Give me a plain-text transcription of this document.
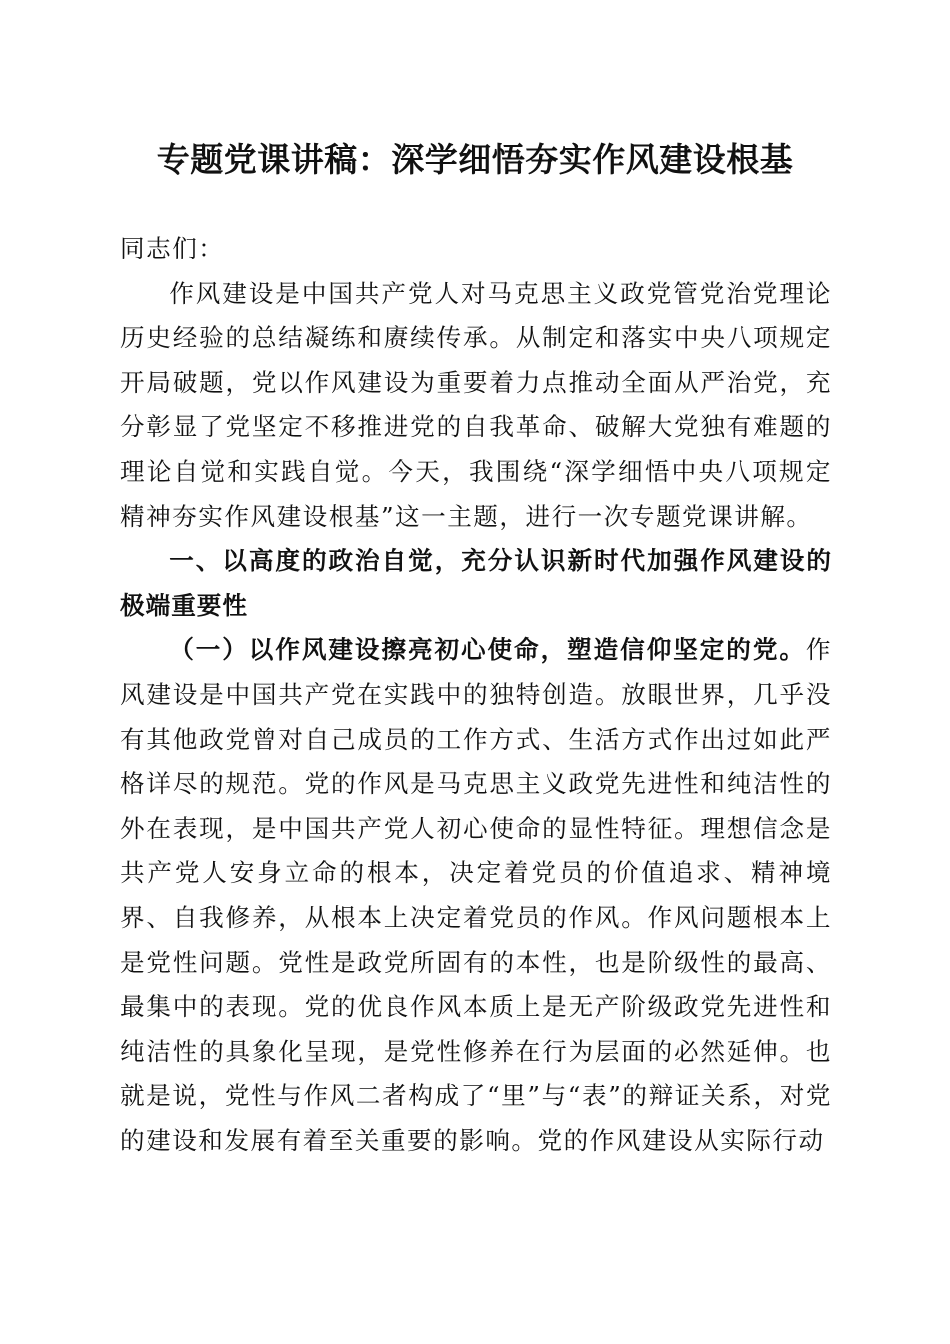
专题党课讲稿：深学细悟夯实作风建设根基

同志们：

作风建设是中国共产党人对马克思主义政党管党治党理论历史经验的总结凝练和赓续传承。从制定和落实中央八项规定开局破题，党以作风建设为重要着力点推动全面从严治党，充分彰显了党坚定不移推进党的自我革命、破解大党独有难题的理论自觉和实践自觉。今天，我围绕“深学细悟中央八项规定精神夯实作风建设根基”这一主题，进行一次专题党课讲解。

一、以高度的政治自觉，充分认识新时代加强作风建设的极端重要性

（一）以作风建设擦亮初心使命，塑造信仰坚定的党。作风建设是中国共产党在实践中的独特创造。放眼世界，几乎没有其他政党曾对自己成员的工作方式、生活方式作出过如此严格详尽的规范。党的作风是马克思主义政党先进性和纯洁性的外在表现，是中国共产党人初心使命的显性特征。理想信念是共产党人安身立命的根本，决定着党员的价值追求、精神境界、自我修养，从根本上决定着党员的作风。作风问题根本上是党性问题。党性是政党所固有的本性，也是阶级性的最高、最集中的表现。党的优良作风本质上是无产阶级政党先进性和纯洁性的具象化呈现，是党性修养在行为层面的必然延伸。也就是说，党性与作风二者构成了“里”与“表”的辩证关系，对党的建设和发展有着至关重要的影响。党的作风建设从实际行动
